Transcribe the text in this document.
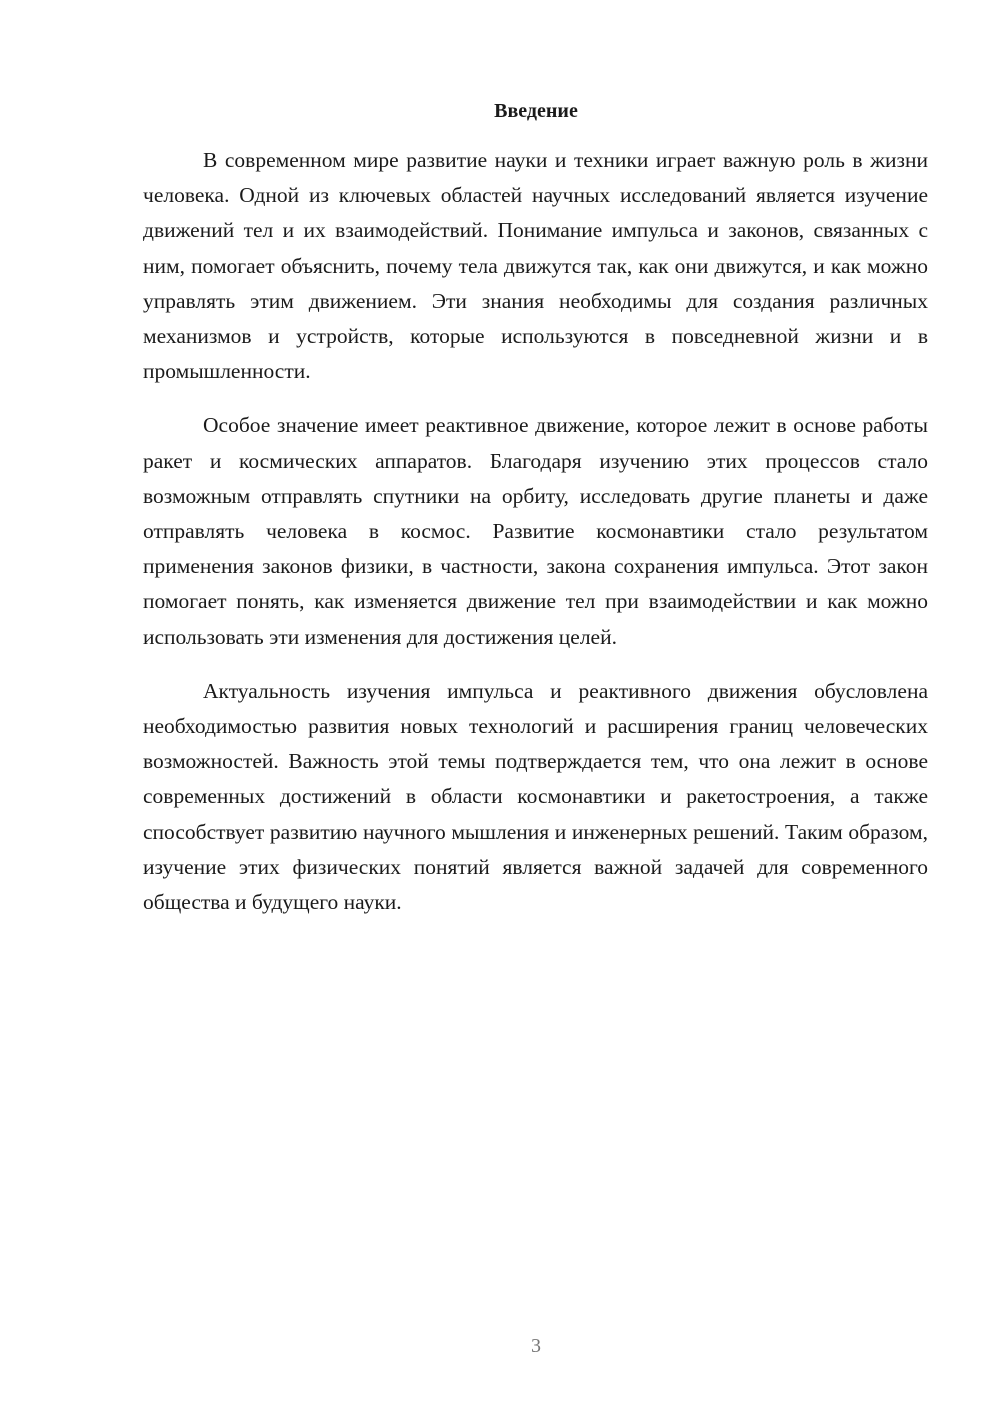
Введение

В современном мире развитие науки и техники играет важную роль в жизни человека. Одной из ключевых областей научных исследований является изучение движений тел и их взаимодействий. Понимание импульса и законов, связанных с ним, помогает объяснить, почему тела движутся так, как они движутся, и как можно управлять этим движением. Эти знания необходимы для создания различных механизмов и устройств, которые используются в повседневной жизни и в промышленности.

Особое значение имеет реактивное движение, которое лежит в основе работы ракет и космических аппаратов. Благодаря изучению этих процессов стало возможным отправлять спутники на орбиту, исследовать другие планеты и даже отправлять человека в космос. Развитие космонавтики стало результатом применения законов физики, в частности, закона сохранения импульса. Этот закон помогает понять, как изменяется движение тел при взаимодействии и как можно использовать эти изменения для достижения целей.

Актуальность изучения импульса и реактивного движения обусловлена необходимостью развития новых технологий и расширения границ человеческих возможностей. Важность этой темы подтверждается тем, что она лежит в основе современных достижений в области космонавтики и ракетостроения, а также способствует развитию научного мышления и инженерных решений. Таким образом, изучение этих физических понятий является важной задачей для современного общества и будущего науки.

3
